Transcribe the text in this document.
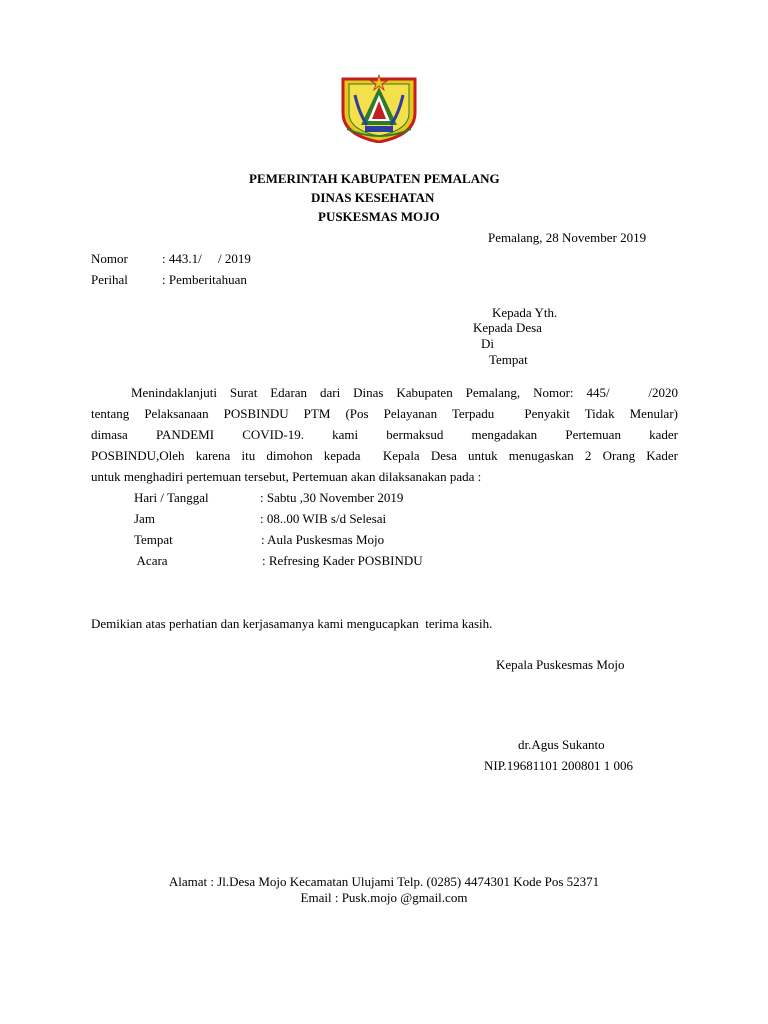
PEMERINTAH KABUPATEN PEMALANG
DINAS KESEHATAN
PUSKESMAS MOJO
Pemalang, 28 November 2019
Nomor	: 443.1/     / 2019
Perihal	: Pemberitahuan
Kepada Yth.
Kepada Desa
Di
Tempat
Menindaklanjuti Surat Edaran dari Dinas Kabupaten Pemalang, Nomor: 445/   /2020
tentang Pelaksanaan POSBINDU PTM (Pos Pelayanan Terpadu  Penyakit Tidak Menular)
dimasa PANDEMI COVID-19. kami bermaksud mengadakan Pertemuan kader
POSBINDU,Oleh karena itu dimohon kepada  Kepala Desa untuk menugaskan 2 Orang Kader
untuk menghadiri pertemuan tersebut, Pertemuan akan dilaksanakan pada :
Hari / Tanggal	: Sabtu ,30 November 2019
Jam	: 08..00 WIB s/d Selesai
Tempat	: Aula Puskesmas Mojo
Acara	: Refresing Kader POSBINDU
Demikian atas perhatian dan kerjasamanya kami mengucapkan  terima kasih.
Kepala Puskesmas Mojo
dr.Agus Sukanto
NIP.19681101 200801 1 006
Alamat : Jl.Desa Mojo Kecamatan Ulujami Telp. (0285) 4474301 Kode Pos 52371
Email : Pusk.mojo @gmail.com
